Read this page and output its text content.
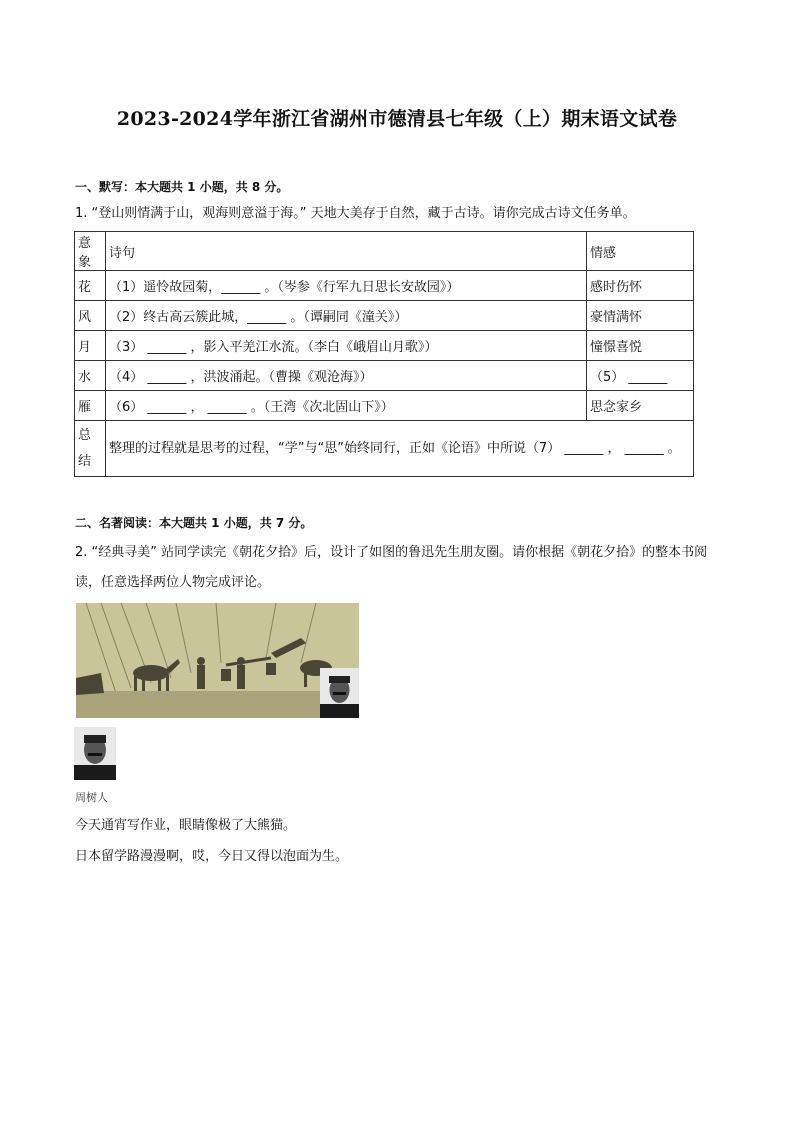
2023-2024学年浙江省湖州市德清县七年级（上）期末语文试卷
一、默写：本大题共 1 小题，共 8 分。
1. “登山则情满于山，观海则意溢于海。” 天地大美存于自然，藏于古诗。请你完成古诗文任务单。
意象	诗句	情感
花	（1）遥怜故园菊，______ 。（岑参《行军九日思长安故园》）	感时伤怀
风	（2）终古高云簇此城，______ 。（谭嗣同《潼关》）	豪情满怀
月	（3） ______ ，影入平羌江水流。（李白《峨眉山月歌》）	憧憬喜悦
水	（4） ______ ，洪波涌起。（曹操《观沧海》）	（5） ______
雁	（6） ______ ， ______ 。（王湾《次北固山下》）	思念家乡
总结	整理的过程就是思考的过程，“学”与“思”始终同行，正如《论语》中所说（7） ______ ， ______ 。	
二、名著阅读：本大题共 1 小题，共 7 分。
2. “经典寻美” 站同学读完《朝花夕拾》后，设计了如图的鲁迅先生朋友圈。请你根据《朝花夕拾》的整本书阅读，任意选择两位人物完成评论。
周树人
今天通宵写作业，眼睛像极了大熊猫。
日本留学路漫漫啊，哎，今日又得以泡面为生。
